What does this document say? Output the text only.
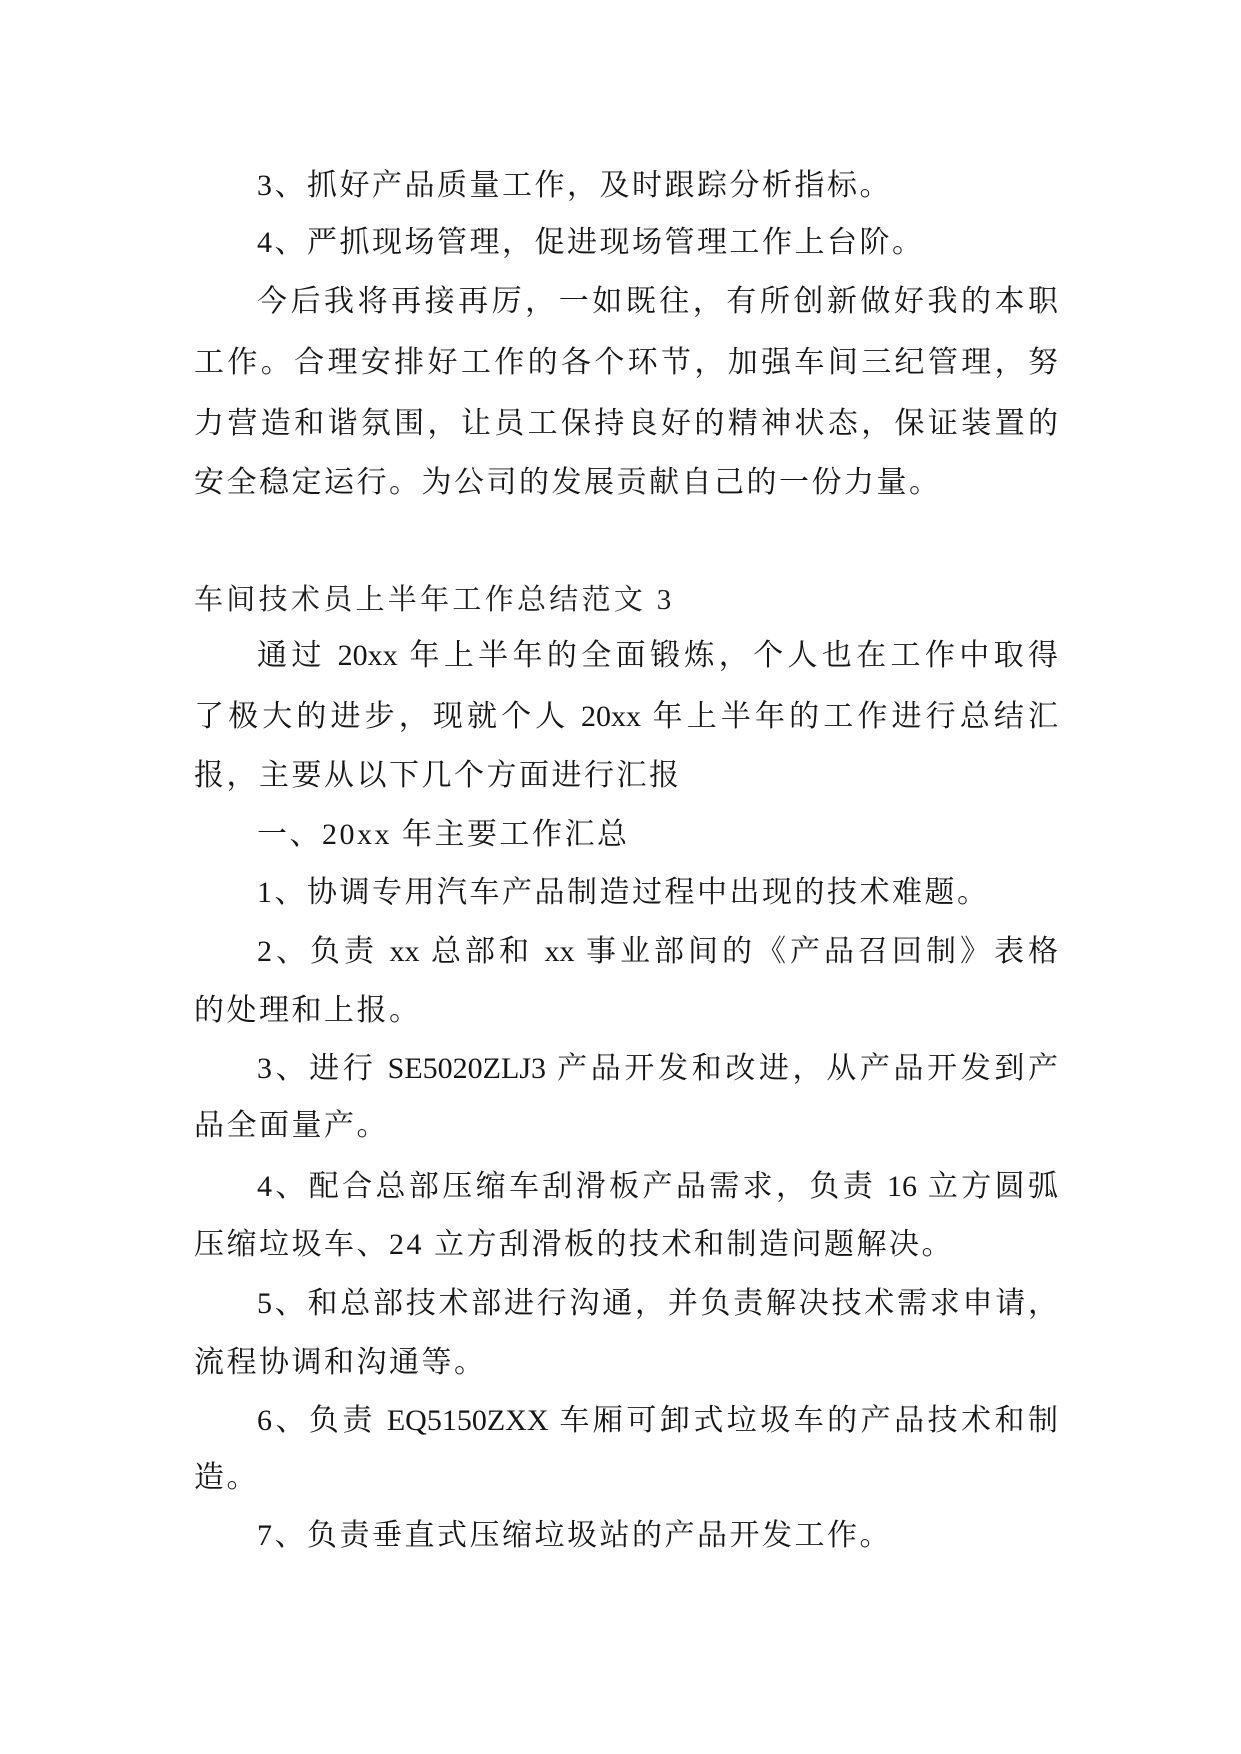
3、抓好产品质量工作，及时跟踪分析指标。
4、严抓现场管理，促进现场管理工作上台阶。
今后我将再接再厉，一如既往，有所创新做好我的本职
工作。合理安排好工作的各个环节，加强车间三纪管理，努
力营造和谐氛围，让员工保持良好的精神状态，保证装置的
安全稳定运行。为公司的发展贡献自己的一份力量。
车间技术员上半年工作总结范文 3
通过 20xx 年上半年的全面锻炼，个人也在工作中取得
了极大的进步，现就个人 20xx 年上半年的工作进行总结汇
报，主要从以下几个方面进行汇报
一、20xx 年主要工作汇总
1、协调专用汽车产品制造过程中出现的技术难题。
2、负责 xx 总部和 xx 事业部间的《产品召回制》表格
的处理和上报。
3、进行 SE5020ZLJ3 产品开发和改进，从产品开发到产
品全面量产。
4、配合总部压缩车刮滑板产品需求，负责 16 立方圆弧
压缩垃圾车、24 立方刮滑板的技术和制造问题解决。
5、和总部技术部进行沟通，并负责解决技术需求申请，
流程协调和沟通等。
6、负责 EQ5150ZXX 车厢可卸式垃圾车的产品技术和制
造。
7、负责垂直式压缩垃圾站的产品开发工作。
